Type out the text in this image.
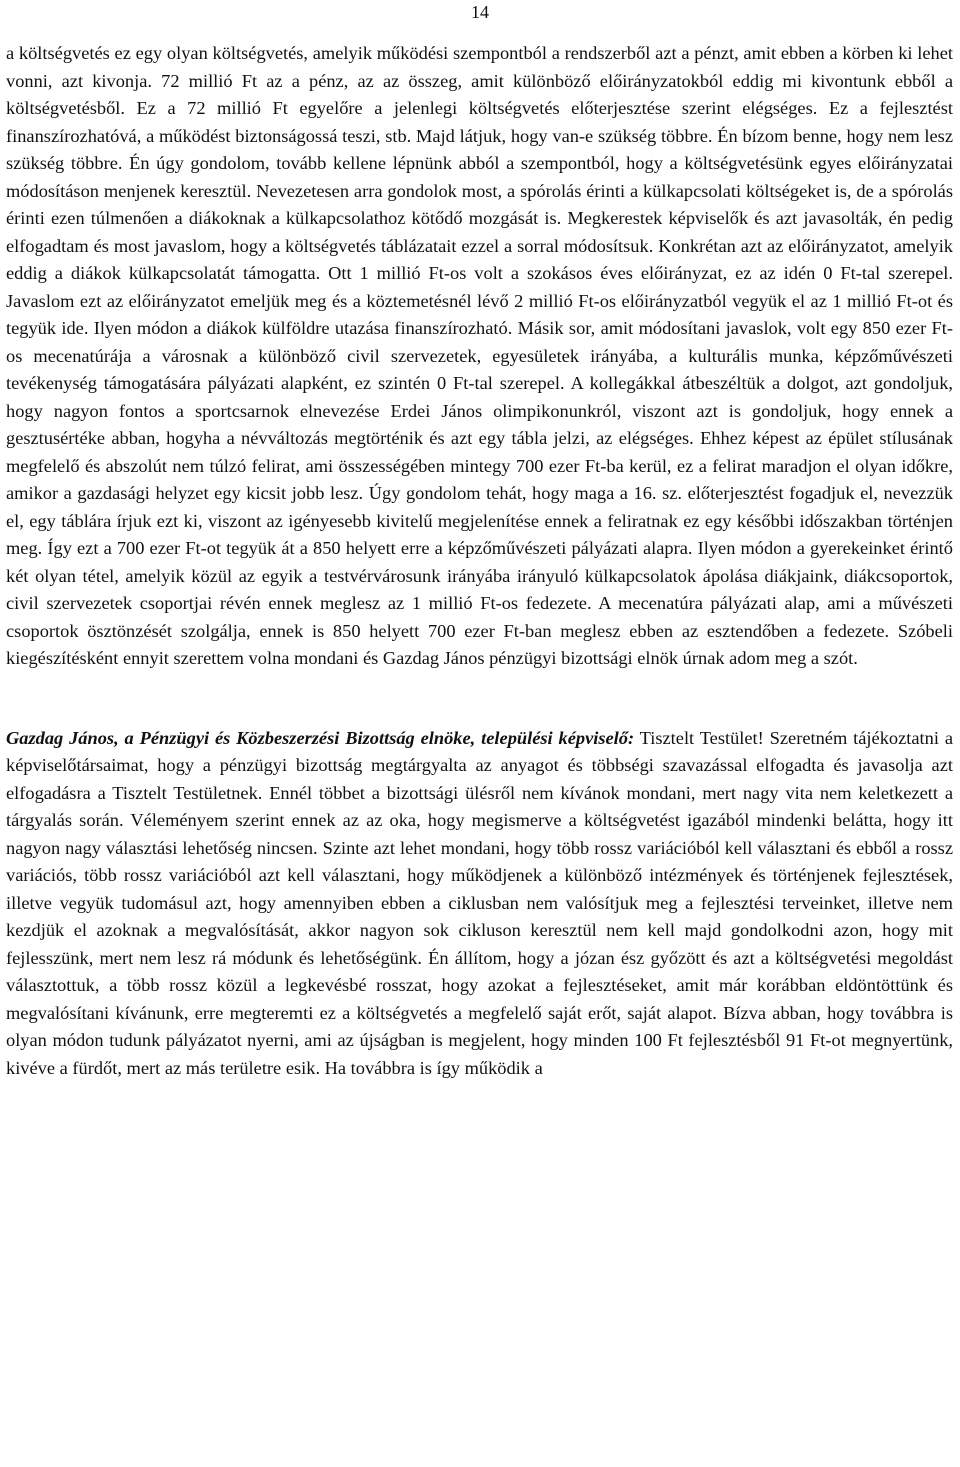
14

a költségvetés ez egy olyan költségvetés, amelyik működési szempontból a rendszerből azt a pénzt, amit ebben a körben ki lehet vonni, azt kivonja. 72 millió Ft az a pénz, az az összeg, amit különböző előirányzatokból eddig mi kivontunk ebből a költségvetésből. Ez a 72 millió Ft egyelőre a jelenlegi költségvetés előterjesztése szerint elégséges. Ez a fejlesztést finanszírozhatóvá, a működést biztonságossá teszi, stb. Majd látjuk, hogy van-e szükség többre. Én bízom benne, hogy nem lesz szükség többre. Én úgy gondolom, tovább kellene lépnünk abból a szempontból, hogy a költségvetésünk egyes előirányzatai módosításon menjenek keresztül. Nevezetesen arra gondolok most, a spórolás érinti a külkapcsolati költségeket is, de a spórolás érinti ezen túlmenően a diákoknak a külkapcsolathoz kötődő mozgását is. Megkerestek képviselők és azt javasolták, én pedig elfogadtam és most javaslom, hogy a költségvetés táblázatait ezzel a sorral módosítsuk. Konkrétan azt az előirányzatot, amelyik eddig a diákok külkapcsolatát támogatta. Ott 1 millió Ft-os volt a szokásos éves előirányzat, ez az idén 0 Ft-tal szerepel. Javaslom ezt az előirányzatot emeljük meg és a köztemetésnél lévő 2 millió Ft-os előirányzatból vegyük el az 1 millió Ft-ot és tegyük ide. Ilyen módon a diákok külföldre utazása finanszírozható. Másik sor, amit módosítani javaslok, volt egy 850 ezer Ft-os mecenatúrája a városnak a különböző civil szervezetek, egyesületek irányába, a kulturális munka, képzőművészeti tevékenység támogatására pályázati alapként, ez szintén 0 Ft-tal szerepel. A kollegákkal átbeszéltük a dolgot, azt gondoljuk, hogy nagyon fontos a sportcsarnok elnevezése Erdei János olimpikonunkról, viszont azt is gondoljuk, hogy ennek a gesztusértéke abban, hogyha a névváltozás megtörténik és azt egy tábla jelzi, az elégséges. Ehhez képest az épület stílusának megfelelő és abszolút nem túlzó felirat, ami összességében mintegy 700 ezer Ft-ba kerül, ez a felirat maradjon el olyan időkre, amikor a gazdasági helyzet egy kicsit jobb lesz. Úgy gondolom tehát, hogy maga a 16. sz. előterjesztést fogadjuk el, nevezzük el, egy táblára írjuk ezt ki, viszont az igényesebb kivitelű megjelenítése ennek a feliratnak ez egy későbbi időszakban történjen meg. Így ezt a 700 ezer Ft-ot tegyük át a 850 helyett erre a képzőművészeti pályázati alapra. Ilyen módon a gyerekeinket érintő két olyan tétel, amelyik közül az egyik a testvérvárosunk irányába irányuló külkapcsolatok ápolása diákjaink, diákcsoportok, civil szervezetek csoportjai révén ennek meglesz az 1 millió Ft-os fedezete. A mecenatúra pályázati alap, ami a művészeti csoportok ösztönzését szolgálja, ennek is 850 helyett 700 ezer Ft-ban meglesz ebben az esztendőben a fedezete. Szóbeli kiegészítésként ennyit szerettem volna mondani és Gazdag János pénzügyi bizottsági elnök úrnak adom meg a szót.

Gazdag János, a Pénzügyi és Közbeszerzési Bizottság elnöke, települési képviselő: Tisztelt Testület! Szeretném tájékoztatni a képviselőtársaimat, hogy a pénzügyi bizottság megtárgyalta az anyagot és többségi szavazással elfogadta és javasolja azt elfogadásra a Tisztelt Testületnek. Ennél többet a bizottsági ülésről nem kívánok mondani, mert nagy vita nem keletkezett a tárgyalás során. Véleményem szerint ennek az az oka, hogy megismerve a költségvetést igazából mindenki belátta, hogy itt nagyon nagy választási lehetőség nincsen. Szinte azt lehet mondani, hogy több rossz variációból kell választani és ebből a rossz variációs, több rossz variációból azt kell választani, hogy működjenek a különböző intézmények és történjenek fejlesztések, illetve vegyük tudomásul azt, hogy amennyiben ebben a ciklusban nem valósítjuk meg a fejlesztési terveinket, illetve nem kezdjük el azoknak a megvalósítását, akkor nagyon sok cikluson keresztül nem kell majd gondolkodni azon, hogy mit fejlesszünk, mert nem lesz rá módunk és lehetőségünk. Én állítom, hogy a józan ész győzött és azt a költségvetési megoldást választottuk, a több rossz közül a legkevésbé rosszat, hogy azokat a fejlesztéseket, amit már korábban eldöntöttünk és megvalósítani kívánunk, erre megteremti ez a költségvetés a megfelelő saját erőt, saját alapot. Bízva abban, hogy továbbra is olyan módon tudunk pályázatot nyerni, ami az újságban is megjelent, hogy minden 100 Ft fejlesztésből 91 Ft-ot megnyertünk, kivéve a fürdőt, mert az más területre esik. Ha továbbra is így működik a
